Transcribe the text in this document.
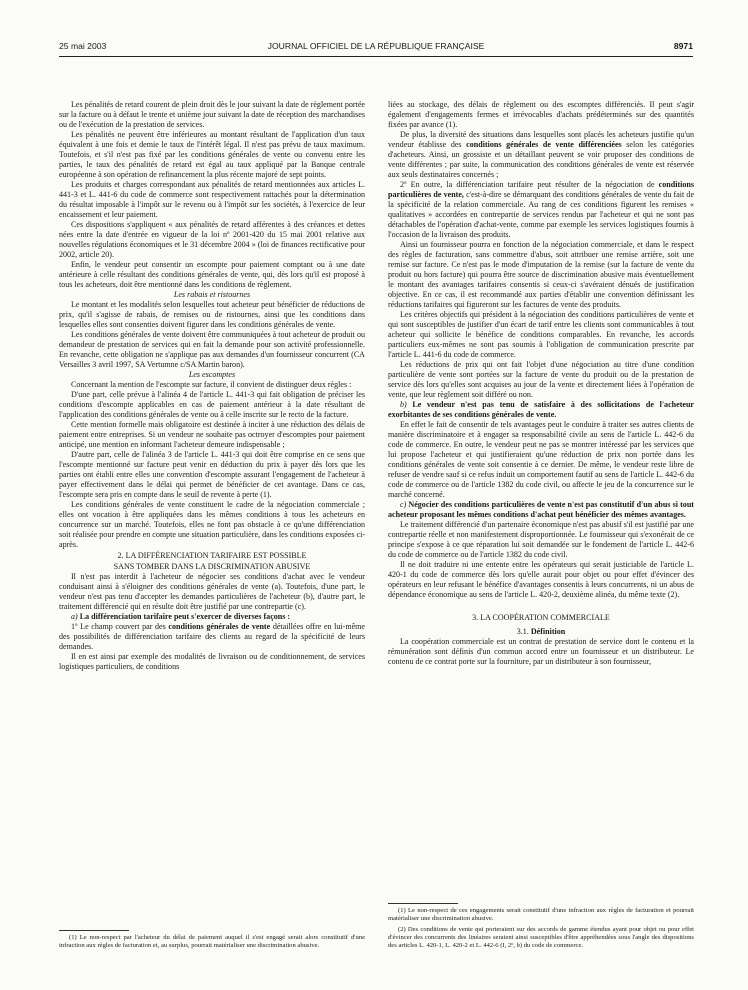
25 mai 2003	JOURNAL OFFICIEL DE LA RÉPUBLIQUE FRANÇAISE	8971

Les pénalités de retard courent de plein droit dès le jour suivant la date de règlement portée sur la facture ou à défaut le trente et unième jour suivant la date de réception des marchandises ou de l'exécution de la prestation de services.

Les pénalités ne peuvent être inférieures au montant résultant de l'application d'un taux équivalent à une fois et demie le taux de l'intérêt légal. Il n'est pas prévu de taux maximum. Toutefois, et s'il n'est pas fixé par les conditions générales de vente ou convenu entre les parties, le taux des pénalités de retard est égal au taux appliqué par la Banque centrale européenne à son opération de refinancement la plus récente majoré de sept points.

Les produits et charges correspondant aux pénalités de retard mentionnées aux articles L. 441-3 et L. 441-6 du code de commerce sont respectivement rattachés pour la détermination du résultat imposable à l'impôt sur le revenu ou à l'impôt sur les sociétés, à l'exercice de leur encaissement et leur paiement.

Ces dispositions s'appliquent « aux pénalités de retard afférentes à des créances et dettes nées entre la date d'entrée en vigueur de la loi nº 2001-420 du 15 mai 2001 relative aux nouvelles régulations économiques et le 31 décembre 2004 » (loi de finances rectificative pour 2002, article 20).

Enfin, le vendeur peut consentir un escompte pour paiement comptant ou à une date antérieure à celle résultant des conditions générales de vente, qui, dès lors qu'il est proposé à tous les acheteurs, doit être mentionné dans les conditions de règlement.

Les rabais et ristournes

Le montant et les modalités selon lesquelles tout acheteur peut bénéficier de réductions de prix, qu'il s'agisse de rabais, de remises ou de ristournes, ainsi que les conditions dans lesquelles elles sont consenties doivent figurer dans les conditions générales de vente.

Les conditions générales de vente doivent être communiquées à tout acheteur de produit ou demandeur de prestation de services qui en fait la demande pour son activité professionnelle. En revanche, cette obligation ne s'applique pas aux demandes d'un fournisseur concurrent (CA Versailles 3 avril 1997, SA Vertumne c/SA Martin baron).

Les escomptes

Concernant la mention de l'escompte sur facture, il convient de distinguer deux règles :

D'une part, celle prévue à l'alinéa 4 de l'article L. 441-3 qui fait obligation de préciser les conditions d'escompte applicables en cas de paiement antérieur à la date résultant de l'application des conditions générales de vente ou à celle inscrite sur le recto de la facture.

Cette mention formelle mais obligatoire est destinée à inciter à une réduction des délais de paiement entre entreprises. Si un vendeur ne souhaite pas octroyer d'escomptes pour paiement anticipé, une mention en informant l'acheteur demeure indispensable ;

D'autre part, celle de l'alinéa 3 de l'article L. 441-3 qui doit être comprise en ce sens que l'escompte mentionné sur facture peut venir en déduction du prix à payer dès lors que les parties ont établi entre elles une convention d'escompte assurant l'engagement de l'acheteur à payer effectivement dans le délai qui permet de bénéficier de cet avantage. Dans ce cas, l'escompte sera pris en compte dans le seuil de revente à perte (1).

Les conditions générales de vente constituent le cadre de la négociation commerciale ; elles ont vocation à être appliquées dans les mêmes conditions à tous les acheteurs en concurrence sur un marché. Toutefois, elles ne font pas obstacle à ce qu'une différenciation soit réalisée pour prendre en compte une situation particulière, dans les conditions exposées ci-après.

2. LA DIFFÉRENCIATION TARIFAIRE EST POSSIBLE
SANS TOMBER DANS LA DISCRIMINATION ABUSIVE

Il n'est pas interdit à l'acheteur de négocier ses conditions d'achat avec le vendeur conduisant ainsi à s'éloigner des conditions générales de vente (a). Toutefois, d'une part, le vendeur n'est pas tenu d'accepter les demandes particulières de l'acheteur (b), d'autre part, le traitement différencié qui en résulte doit être justifié par une contrepartie (c).

a) La différenciation tarifaire peut s'exercer de diverses façons :

1º Le champ couvert par des conditions générales de vente détaillées offre en lui-même des possibilités de différenciation tarifaire des clients au regard de la spécificité de leurs demandes.

Il en est ainsi par exemple des modalités de livraison ou de conditionnement, de services logistiques particuliers, de conditions

(1) Le non-respect par l'acheteur du délai de paiement auquel il s'est engagé serait alors constitutif d'une infraction aux règles de facturation et, au surplus, pourrait matérialiser une discrimination abusive.

liées au stockage, des délais de règlement ou des escomptes différenciés. Il peut s'agir également d'engagements fermes et irrévocables d'achats prédéterminés sur des quantités fixées par avance (1).

De plus, la diversité des situations dans lesquelles sont placés les acheteurs justifie qu'un vendeur établisse des conditions générales de vente différenciées selon les catégories d'acheteurs. Ainsi, un grossiste et un détaillant peuvent se voir proposer des conditions de vente différentes ; par suite, la communication des conditions générales de vente est réservée aux seuls destinataires concernés ;

2º En outre, la différenciation tarifaire peut résulter de la négociation de conditions particulières de vente, c'est-à-dire se démarquant des conditions générales de vente du fait de la spécificité de la relation commerciale. Au rang de ces conditions figurent les remises « qualitatives » accordées en contrepartie de services rendus par l'acheteur et qui ne sont pas détachables de l'opération d'achat-vente, comme par exemple les services logistiques fournis à l'occasion de la livraison des produits.

Ainsi un fournisseur pourra en fonction de la négociation commerciale, et dans le respect des règles de facturation, sans commettre d'abus, soit attribuer une remise arrière, soit une remise sur facture. Ce n'est pas le mode d'imputation de la remise (sur la facture de vente du produit ou hors facture) qui pourra être source de discrimination abusive mais éventuellement le montant des avantages tarifaires consentis si ceux-ci s'avéraient dénués de justification objective. En ce cas, il est recommandé aux parties d'établir une convention définissant les réductions tarifaires qui figureront sur les factures de vente des produits.

Les critères objectifs qui président à la négociation des conditions particulières de vente et qui sont susceptibles de justifier d'un écart de tarif entre les clients sont communicables à tout acheteur qui sollicite le bénéfice de conditions comparables. En revanche, les accords particuliers eux-mêmes ne sont pas soumis à l'obligation de communication prescrite par l'article L. 441-6 du code de commerce.

Les réductions de prix qui ont fait l'objet d'une négociation au titre d'une condition particulière de vente sont portées sur la facture de vente du produit ou de la prestation de service dès lors qu'elles sont acquises au jour de la vente et directement liées à l'opération de vente, que leur règlement soit différé ou non.

b) Le vendeur n'est pas tenu de satisfaire à des sollicitations de l'acheteur exorbitantes de ses conditions générales de vente.

En effet le fait de consentir de tels avantages peut le conduire à traiter ses autres clients de manière discriminatoire et à engager sa responsabilité civile au sens de l'article L. 442-6 du code de commerce. En outre, le vendeur peut ne pas se montrer intéressé par les services que lui propose l'acheteur et qui justifieraient qu'une réduction de prix non portée dans les conditions générales de vente soit consentie à ce dernier. De même, le vendeur reste libre de refuser de vendre sauf si ce refus induit un comportement fautif au sens de l'article L. 442-6 du code de commerce ou de l'article 1382 du code civil, ou affecte le jeu de la concurrence sur le marché concerné.

c) Négocier des conditions particulières de vente n'est pas constitutif d'un abus si tout acheteur proposant les mêmes conditions d'achat peut bénéficier des mêmes avantages.

Le traitement différencié d'un partenaire économique n'est pas abusif s'il est justifié par une contrepartie réelle et non manifestement disproportionnée. Le fournisseur qui s'exonérait de ce principe s'expose à ce que réparation lui soit demandée sur le fondement de l'article L. 442-6 du code de commerce ou de l'article 1382 du code civil.

Il ne doit traduire ni une entente entre les opérateurs qui serait justiciable de l'article L. 420-1 du code de commerce dès lors qu'elle aurait pour objet ou pour effet d'évincer des opérateurs en leur refusant le bénéfice d'avantages consentis à leurs concurrents, ni un abus de dépendance économique au sens de l'article L. 420-2, deuxième alinéa, du même texte (2).

3. LA COOPÉRATION COMMERCIALE

3.1. Définition

La coopération commerciale est un contrat de prestation de service dont le contenu et la rémunération sont définis d'un commun accord entre un fournisseur et un distributeur. Le contenu de ce contrat porte sur la fourniture, par un distributeur à son fournisseur,

(1) Le non-respect de ces engagements serait constitutif d'une infraction aux règles de facturation et pourrait matérialiser une discrimination abusive.

(2) Des conditions de vente qui porteraient sur des accords de gamme étendus ayant pour objet ou pour effet d'évincer des concurrents des linéaires seraient ainsi susceptibles d'être appréhendées sous l'angle des dispositions des articles L. 420-1, L. 420-2 et L. 442-6 (I, 2º, b) du code de commerce.
